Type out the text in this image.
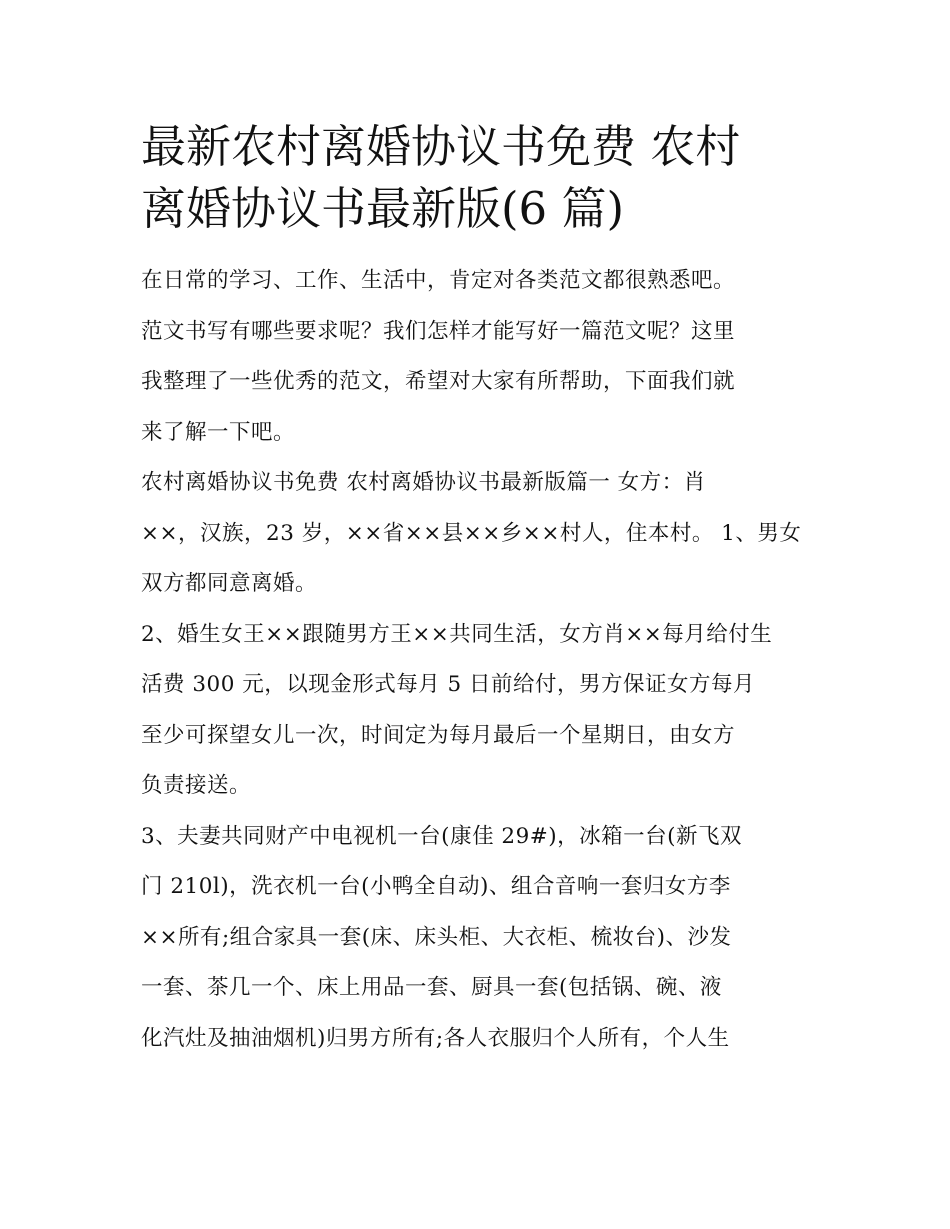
最新农村离婚协议书免费 农村
离婚协议书最新版(6 篇)

在日常的学习、工作、生活中，肯定对各类范文都很熟悉吧。
范文书写有哪些要求呢？我们怎样才能写好一篇范文呢？这里
我整理了一些优秀的范文，希望对大家有所帮助，下面我们就
来了解一下吧。

农村离婚协议书免费 农村离婚协议书最新版篇一 女方：肖
××，汉族，23 岁，××省××县××乡××村人，住本村。 1、男女
双方都同意离婚。

2、婚生女王××跟随男方王××共同生活，女方肖××每月给付生
活费 300 元，以现金形式每月 5 日前给付，男方保证女方每月
至少可探望女儿一次，时间定为每月最后一个星期日，由女方
负责接送。

3、夫妻共同财产中电视机一台(康佳 29#)，冰箱一台(新飞双
门 210l)，洗衣机一台(小鸭全自动)、组合音响一套归女方李
××所有;组合家具一套(床、床头柜、大衣柜、梳妆台)、沙发
一套、茶几一个、床上用品一套、厨具一套(包括锅、碗、液
化汽灶及抽油烟机)归男方所有;各人衣服归个人所有，个人生
